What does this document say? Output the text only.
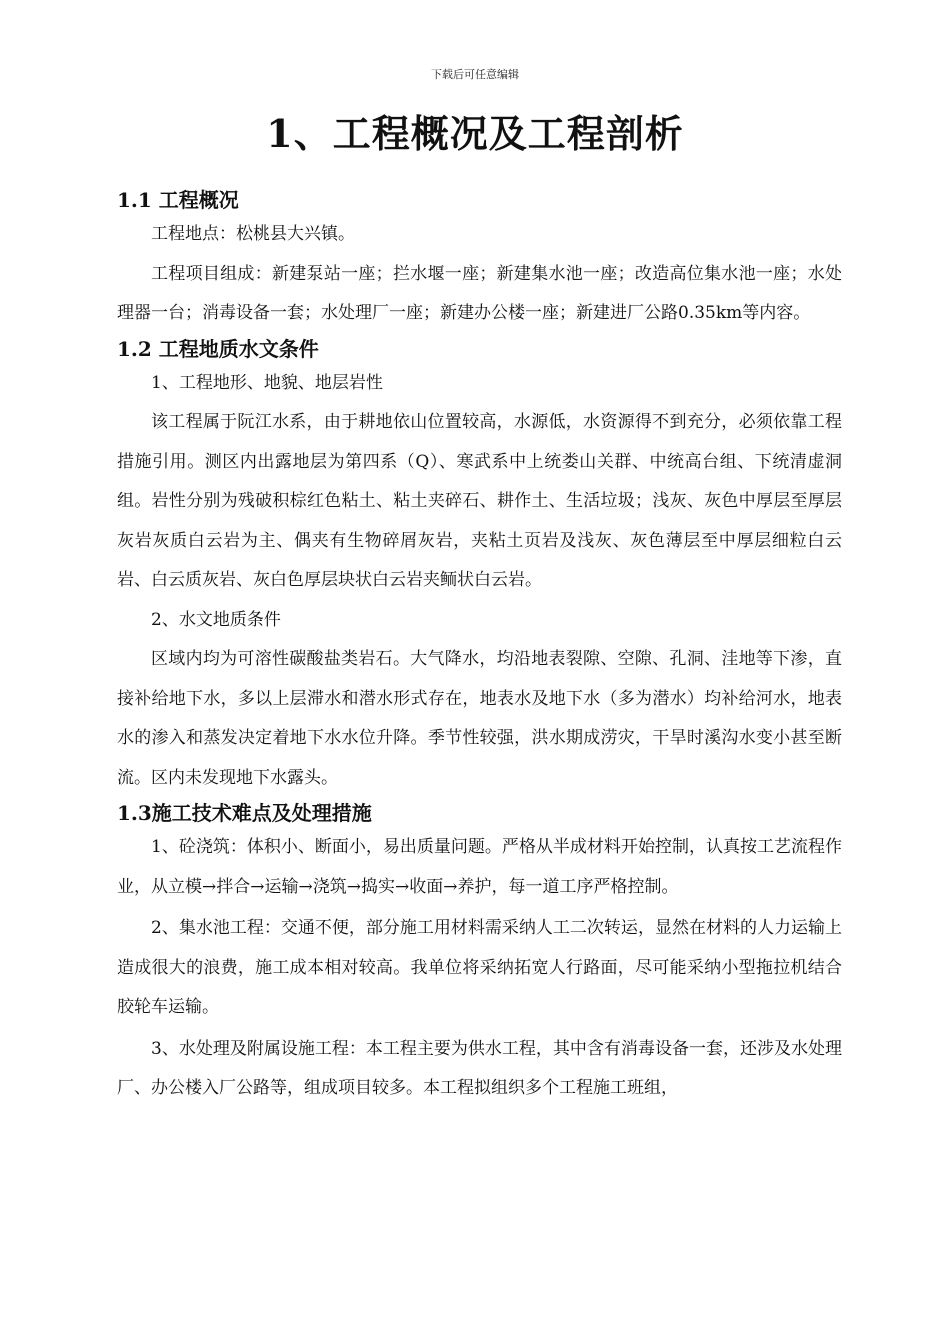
下载后可任意编辑
1、工程概况及工程剖析
1.1 工程概况

工程地点：松桃县大兴镇。

工程项目组成：新建泵站一座；拦水堰一座；新建集水池一座；改造高位集水池一座；水处理器一台；消毒设备一套；水处理厂一座；新建办公楼一座；新建进厂公路0.35km等内容。

1.2 工程地质水文条件

1、工程地形、地貌、地层岩性

该工程属于阮江水系，由于耕地依山位置较高，水源低，水资源得不到充分，必须依靠工程措施引用。测区内出露地层为第四系（Q）、寒武系中上统娄山关群、中统高台组、下统清虚洞组。岩性分别为残破积棕红色粘土、粘土夹碎石、耕作土、生活垃圾；浅灰、灰色中厚层至厚层灰岩灰质白云岩为主、偶夹有生物碎屑灰岩，夹粘土页岩及浅灰、灰色薄层至中厚层细粒白云岩、白云质灰岩、灰白色厚层块状白云岩夹鲕状白云岩。

2、水文地质条件

区域内均为可溶性碳酸盐类岩石。大气降水，均沿地表裂隙、空隙、孔洞、洼地等下渗，直接补给地下水，多以上层滞水和潜水形式存在，地表水及地下水（多为潜水）均补给河水，地表水的渗入和蒸发决定着地下水水位升降。季节性较强，洪水期成涝灾，干旱时溪沟水变小甚至断流。区内未发现地下水露头。

1.3施工技术难点及处理措施

1、砼浇筑：体积小、断面小，易出质量问题。严格从半成材料开始控制，认真按工艺流程作业，从立模→拌合→运输→浇筑→捣实→收面→养护，每一道工序严格控制。

2、集水池工程：交通不便，部分施工用材料需采纳人工二次转运，显然在材料的人力运输上造成很大的浪费，施工成本相对较高。我单位将采纳拓宽人行路面，尽可能采纳小型拖拉机结合胶轮车运输。

3、水处理及附属设施工程：本工程主要为供水工程，其中含有消毒设备一套，还涉及水处理厂、办公楼入厂公路等，组成项目较多。本工程拟组织多个工程施工班组，
